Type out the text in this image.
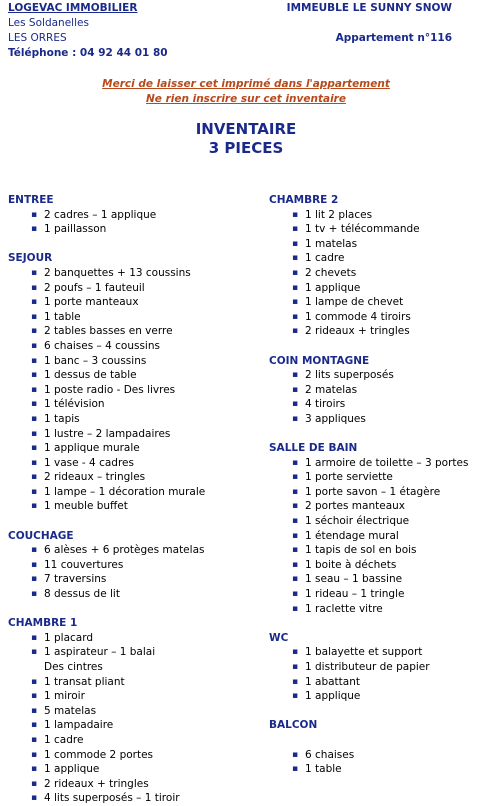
LOGEVAC IMMOBILIER
Les Soldanelles
LES ORRES
Téléphone : 04 92 44 01 80
IMMEUBLE LE SUNNY SNOW
Appartement n°116
Merci de laisser cet imprimé dans l'appartement
Ne rien inscrire sur cet inventaire
INVENTAIRE
3 PIECES
ENTREE
▪ 2 cadres – 1 applique
▪ 1 paillasson
SEJOUR
▪ 2 banquettes + 13 coussins
▪ 2 poufs – 1 fauteuil
▪ 1 porte manteaux
▪ 1 table
▪ 2 tables basses en verre
▪ 6 chaises – 4 coussins
▪ 1 banc – 3 coussins
▪ 1 dessus de table
▪ 1 poste radio - Des livres
▪ 1 télévision
▪ 1 tapis
▪ 1 lustre – 2 lampadaires
▪ 1 applique murale
▪ 1 vase - 4 cadres
▪ 2 rideaux – tringles
▪ 1 lampe – 1 décoration murale
▪ 1 meuble buffet
COUCHAGE
▪ 6 alèses + 6 protèges matelas
▪ 11 couvertures
▪ 7 traversins
▪ 8 dessus de lit
CHAMBRE 1
▪ 1 placard
▪ 1 aspirateur – 1 balai
Des cintres
▪ 1 transat pliant
▪ 1 miroir
▪ 5 matelas
▪ 1 lampadaire
▪ 1 cadre
▪ 1 commode 2 portes
▪ 1 applique
▪ 2 rideaux + tringles
▪ 4 lits superposés – 1 tiroir
CHAMBRE 2
▪ 1 lit 2 places
▪ 1 tv + télécommande
▪ 1 matelas
▪ 1 cadre
▪ 2 chevets
▪ 1 applique
▪ 1 lampe de chevet
▪ 1 commode 4 tiroirs
▪ 2 rideaux + tringles
COIN MONTAGNE
▪ 2 lits superposés
▪ 2 matelas
▪ 4 tiroirs
▪ 3 appliques
SALLE DE BAIN
▪ 1 armoire de toilette – 3 portes
▪ 1 porte serviette
▪ 1 porte savon – 1 étagère
▪ 2 portes manteaux
▪ 1 séchoir électrique
▪ 1 étendage mural
▪ 1 tapis de sol en bois
▪ 1 boite à déchets
▪ 1 seau – 1 bassine
▪ 1 rideau – 1 tringle
▪ 1 raclette vitre
WC
▪ 1 balayette et support
▪ 1 distributeur de papier
▪ 1 abattant
▪ 1 applique
BALCON
▪ 6 chaises
▪ 1 table
